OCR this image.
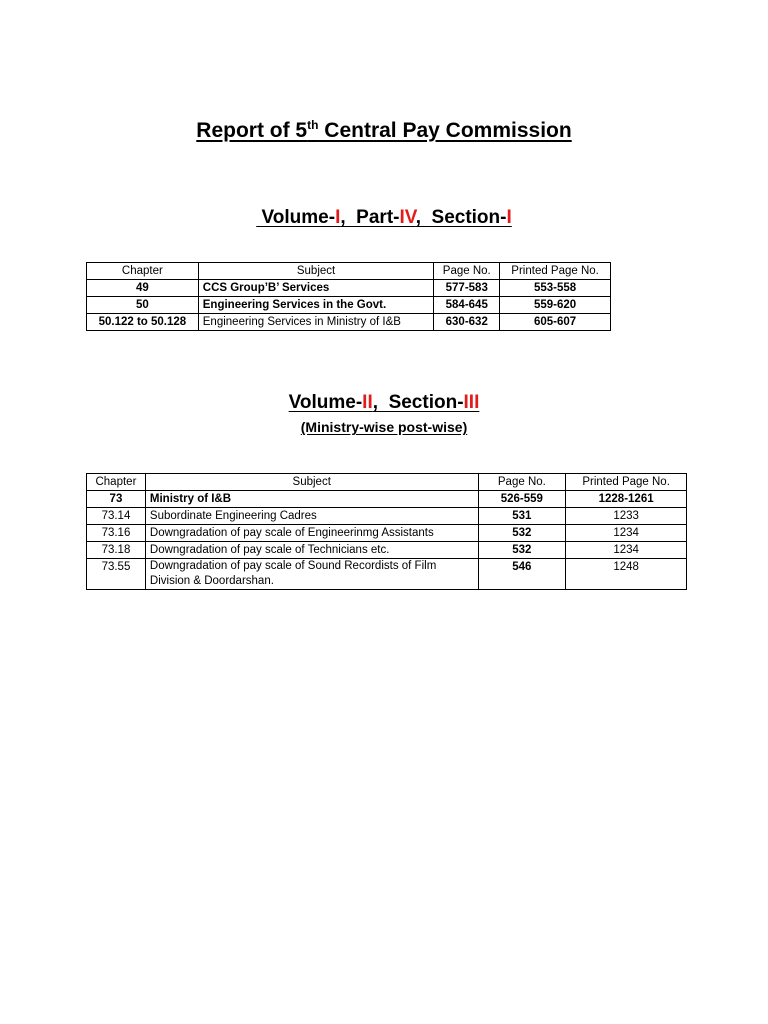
Report of 5th Central Pay Commission
Volume-I,  Part-IV,  Section-I
Chapter	Subject	Page No.	Printed Page No.
49	CCS Group’B’ Services	577-583	553-558
50	Engineering Services in the Govt.	584-645	559-620
50.122 to 50.128	Engineering Services in Ministry of I&B	630-632	605-607
Volume-II,  Section-III
(Ministry-wise post-wise)
Chapter	Subject	Page No.	Printed Page No.
73	Ministry of I&B	526-559	1228-1261
73.14	Subordinate Engineering Cadres	531	1233
73.16	Downgradation of pay scale of Engineerinmg Assistants	532	1234
73.18	Downgradation of pay scale of Technicians etc.	532	1234
73.55	Downgradation of pay scale of Sound Recordists of Film Division & Doordarshan.	546	1248
